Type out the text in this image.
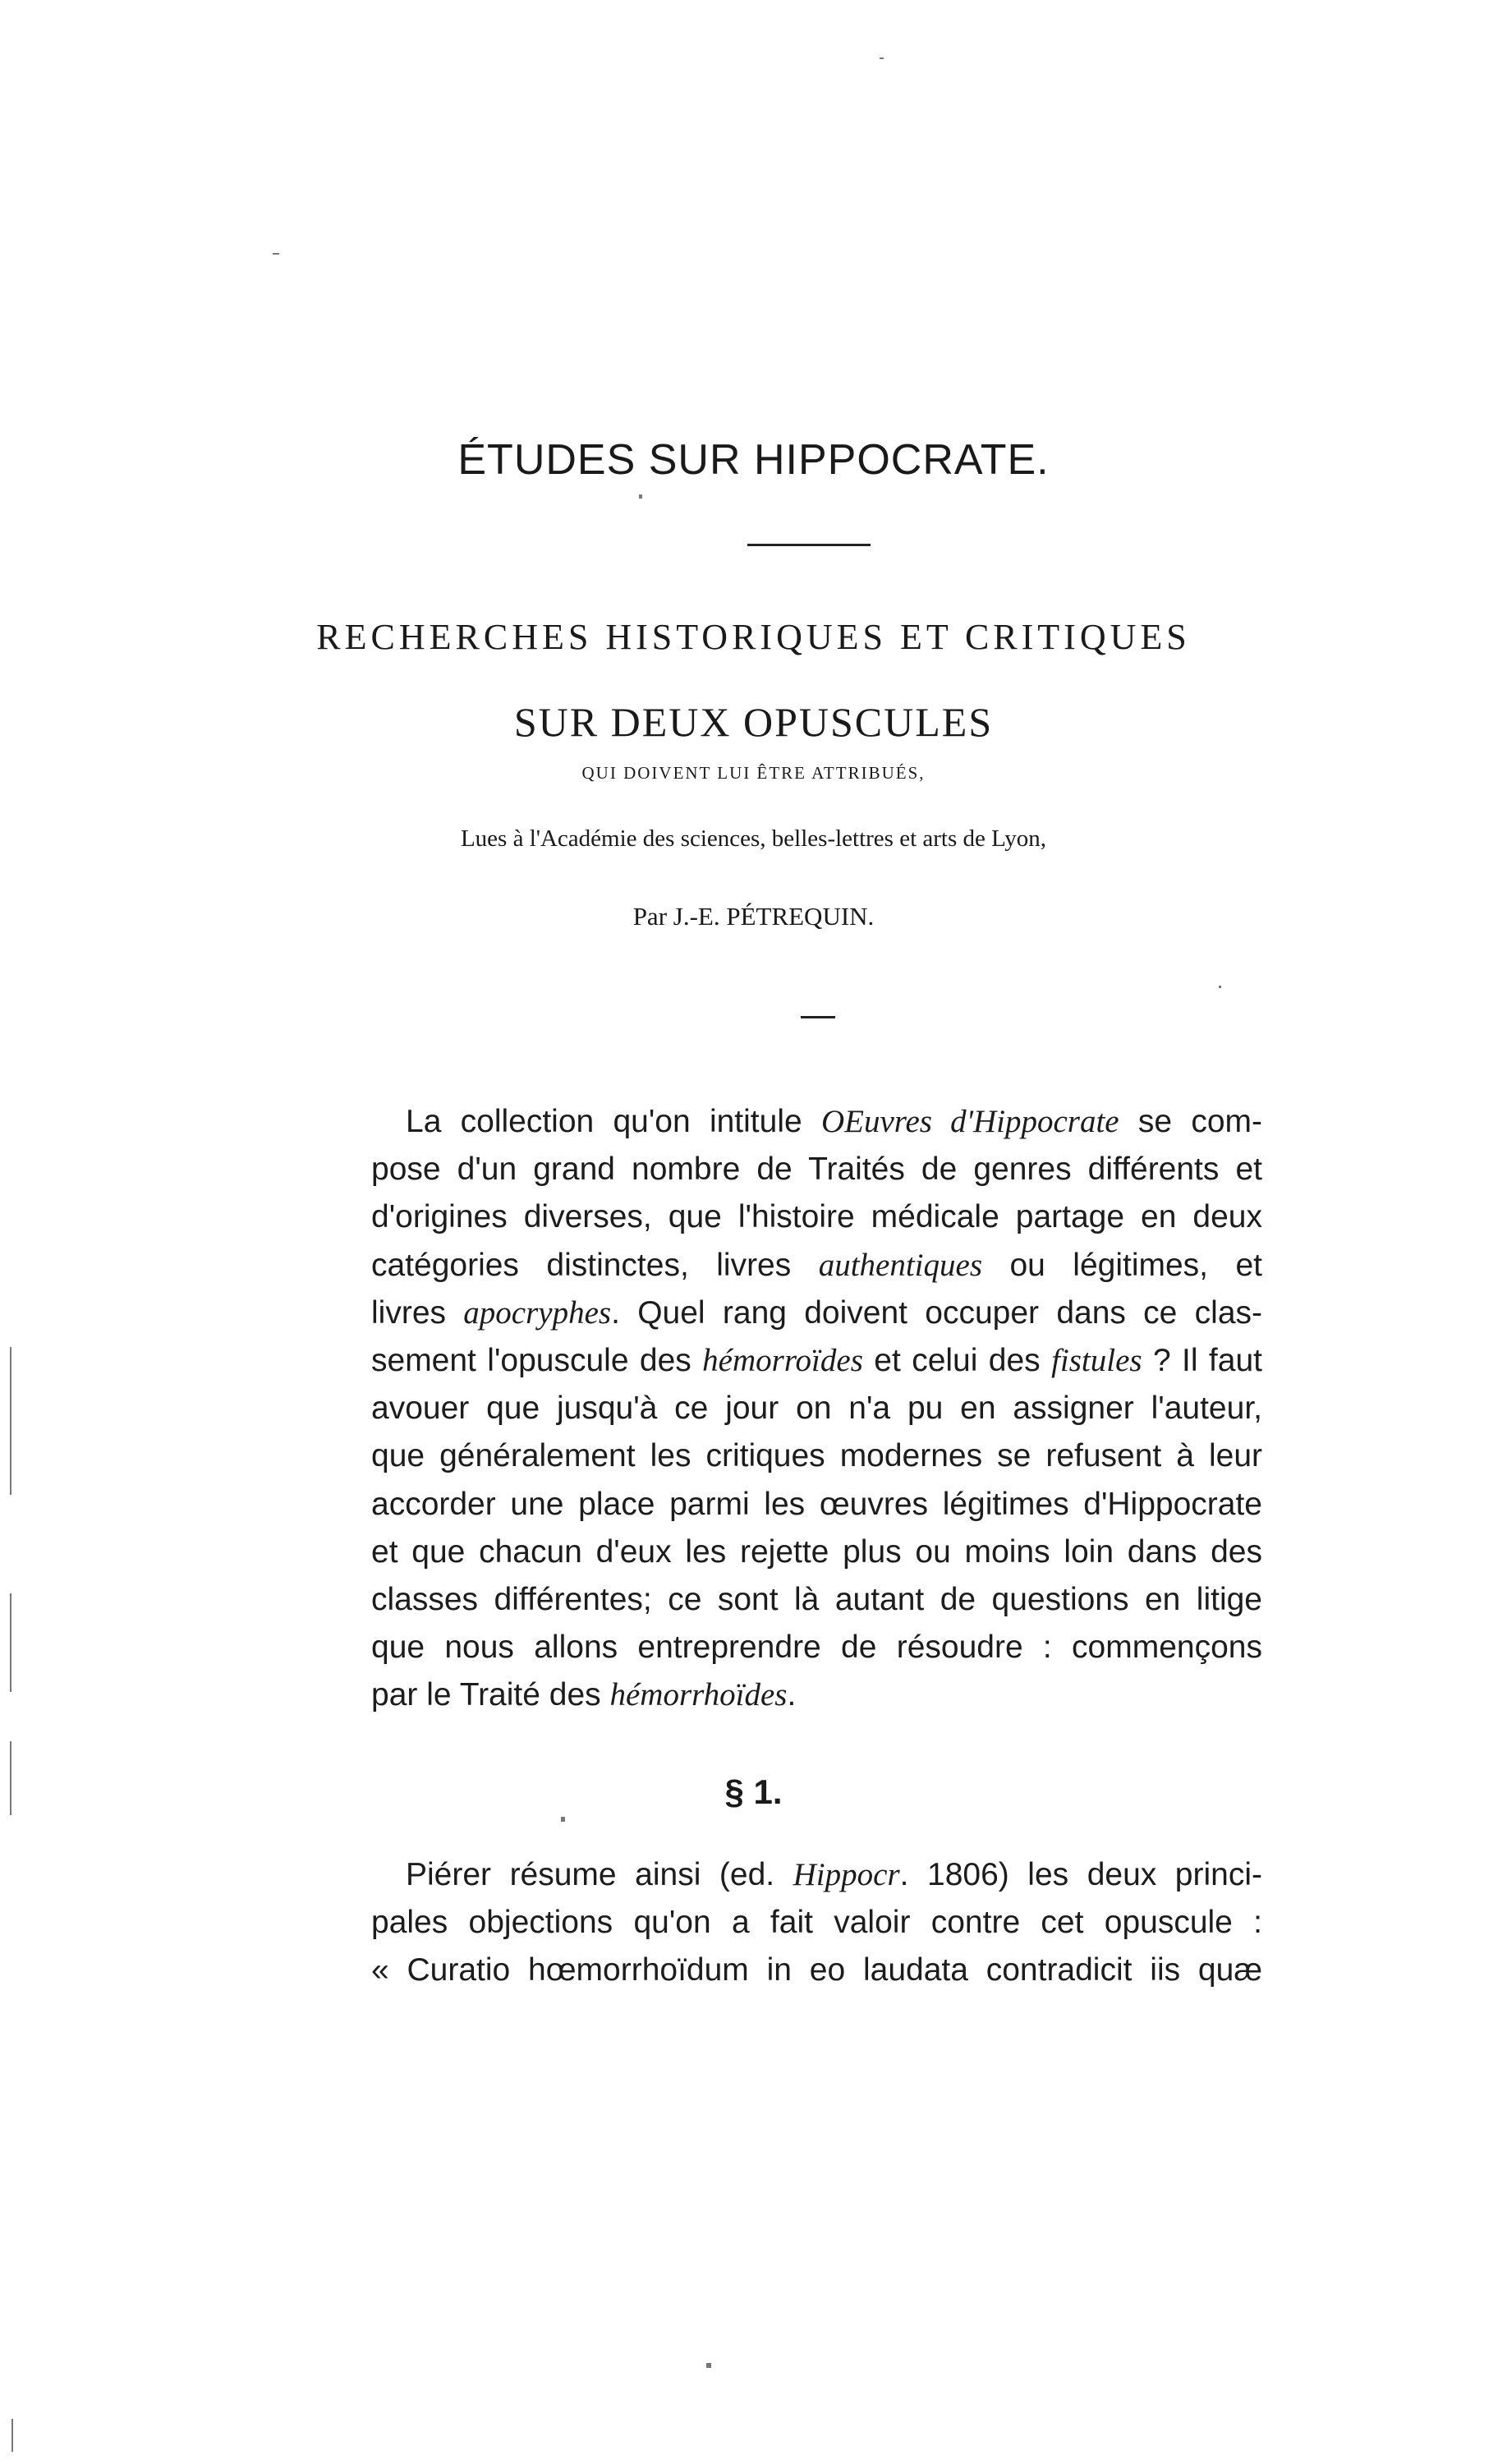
ÉTUDES SUR HIPPOCRATE.
RECHERCHES HISTORIQUES ET CRITIQUES
SUR DEUX OPUSCULES
QUI DOIVENT LUI ÊTRE ATTRIBUÉS,
Lues à l'Académie des sciences, belles-lettres et arts de Lyon,
Par J.-E. PÉTREQUIN.
La collection qu'on intitule OEuvres d'Hippocrate se com-
pose d'un grand nombre de Traités de genres différents et
d'origines diverses, que l'histoire médicale partage en deux
catégories distinctes, livres authentiques ou légitimes, et
livres apocryphes. Quel rang doivent occuper dans ce clas-
sement l'opuscule des hémorroïdes et celui des fistules ? Il faut
avouer que jusqu'à ce jour on n'a pu en assigner l'auteur,
que généralement les critiques modernes se refusent à leur
accorder une place parmi les œuvres légitimes d'Hippocrate
et que chacun d'eux les rejette plus ou moins loin dans des
classes différentes; ce sont là autant de questions en litige
que nous allons entreprendre de résoudre : commençons
par le Traité des hémorrhoïdes.
§ 1.
Piérer résume ainsi (ed. Hippocr. 1806) les deux princi-
pales objections qu'on a fait valoir contre cet opuscule :
« Curatio hœmorrhoïdum in eo laudata contradicit iis quæ
